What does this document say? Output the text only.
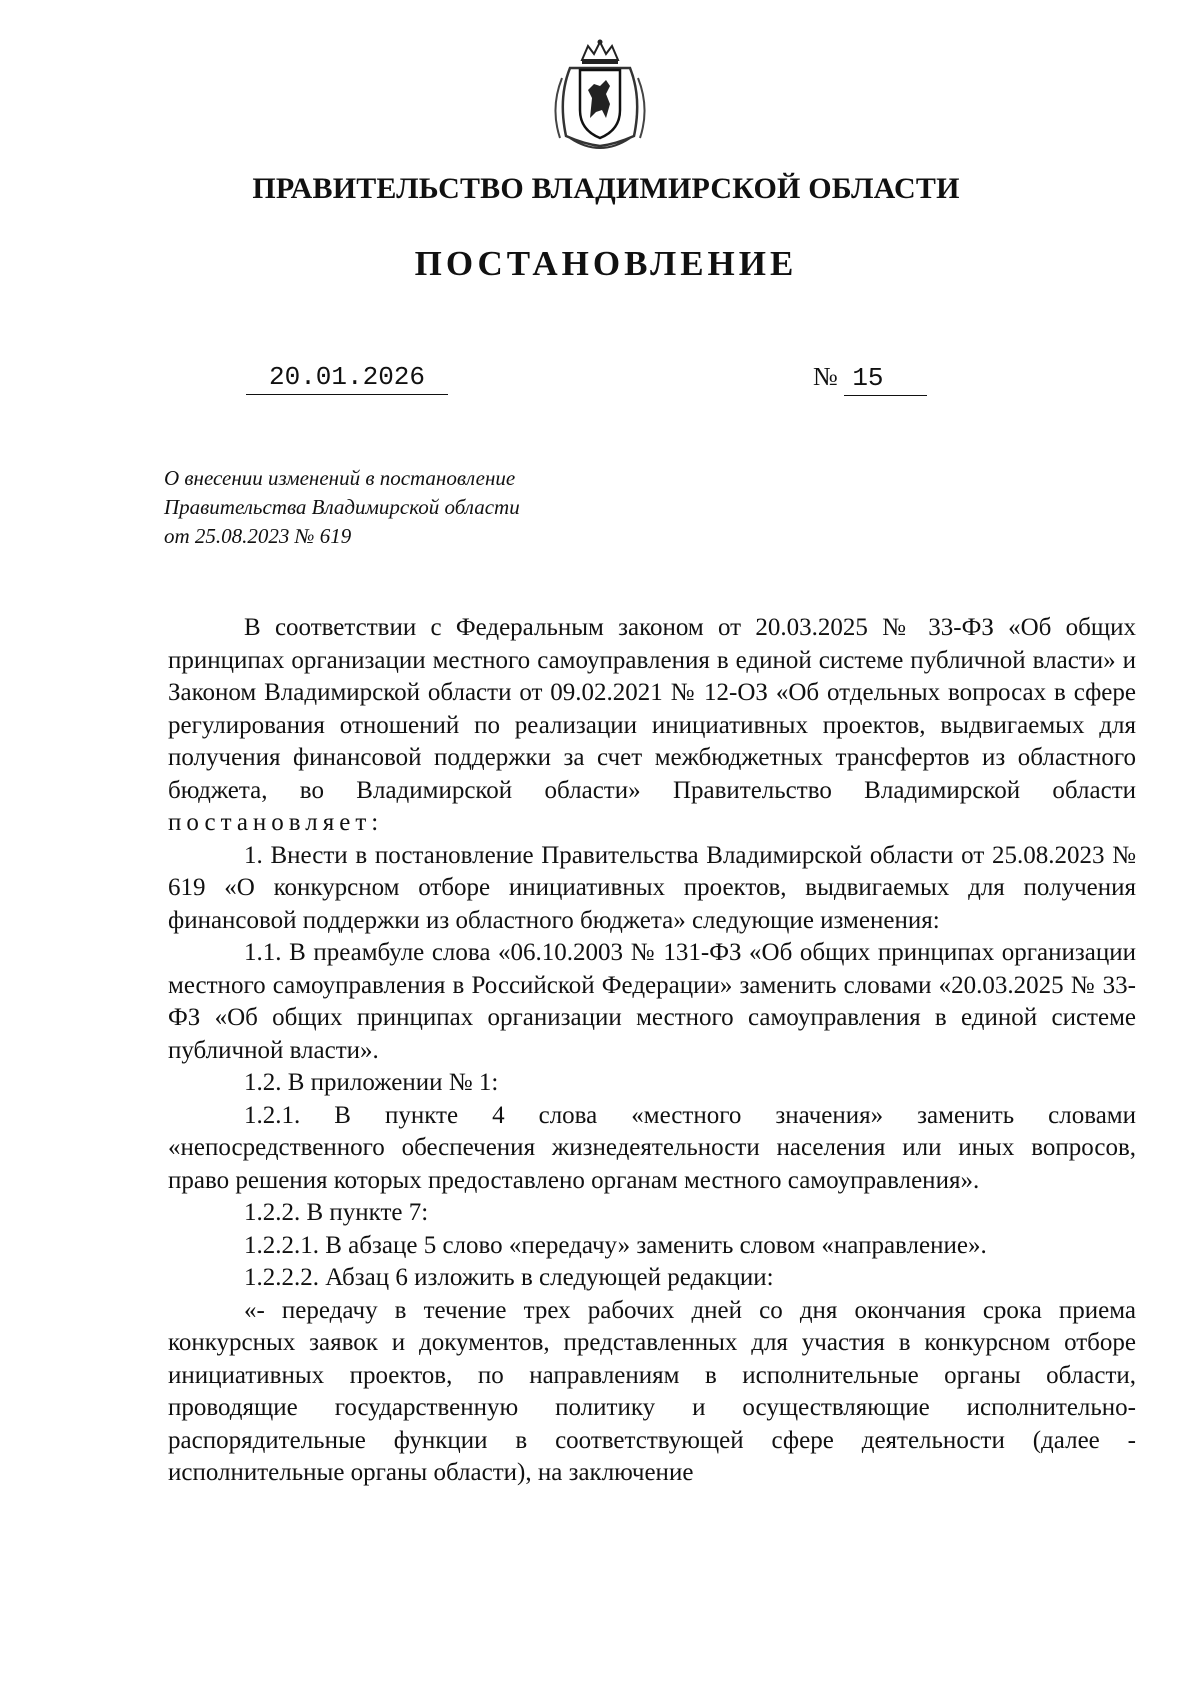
ПРАВИТЕЛЬСТВО ВЛАДИМИРСКОЙ ОБЛАСТИ
ПОСТАНОВЛЕНИЕ
20.01.2026	№ 15
О внесении изменений в постановление
Правительства Владимирской области
от 25.08.2023 № 619

В соответствии с Федеральным законом от 20.03.2025 № 33-ФЗ «Об общих принципах организации местного самоуправления в единой системе публичной власти» и Законом Владимирской области от 09.02.2021 № 12-ОЗ «Об отдельных вопросах в сфере регулирования отношений по реализации инициативных проектов, выдвигаемых для получения финансовой поддержки за счет межбюджетных трансфертов из областного бюджета, во Владимирской области» Правительство Владимирской области постановляет:

1. Внести в постановление Правительства Владимирской области от 25.08.2023 № 619 «О конкурсном отборе инициативных проектов, выдвигаемых для получения финансовой поддержки из областного бюджета» следующие изменения:

1.1. В преамбуле слова «06.10.2003 № 131-ФЗ «Об общих принципах организации местного самоуправления в Российской Федерации» заменить словами «20.03.2025 № 33-ФЗ «Об общих принципах организации местного самоуправления в единой системе публичной власти».

1.2. В приложении № 1:

1.2.1. В пункте 4 слова «местного значения» заменить словами «непосредственного обеспечения жизнедеятельности населения или иных вопросов, право решения которых предоставлено органам местного самоуправления».

1.2.2. В пункте 7:

1.2.2.1. В абзаце 5 слово «передачу» заменить словом «направление».

1.2.2.2. Абзац 6 изложить в следующей редакции:

«- передачу в течение трех рабочих дней со дня окончания срока приема конкурсных заявок и документов, представленных для участия в конкурсном отборе инициативных проектов, по направлениям в исполнительные органы области, проводящие государственную политику и осуществляющие исполнительно-распорядительные функции в соответствующей сфере деятельности (далее - исполнительные органы области), на заключение
